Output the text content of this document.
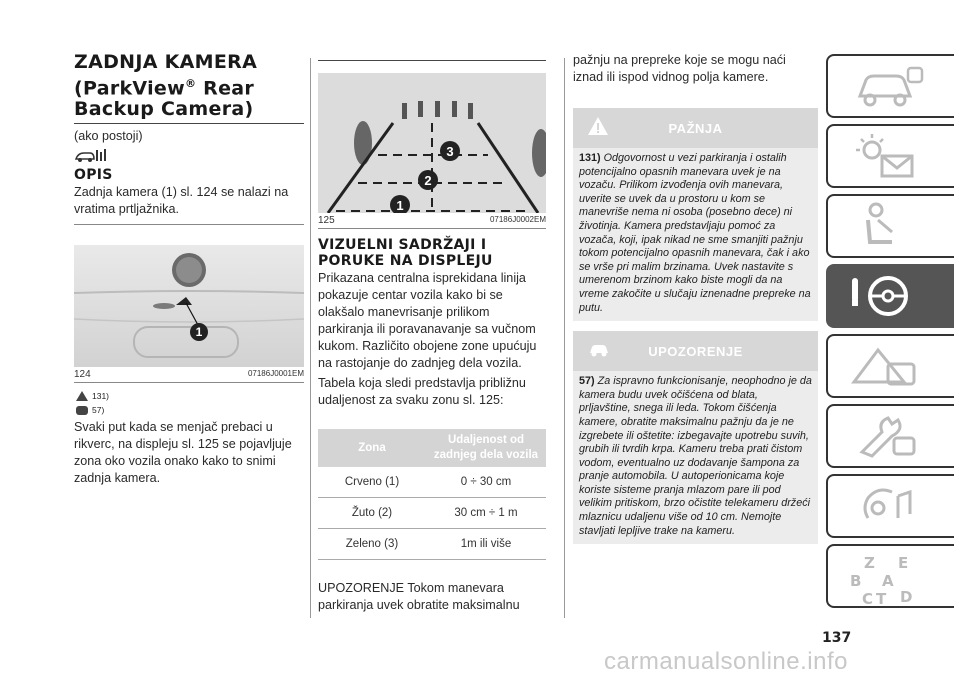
ZADNJA KAMERA
(ParkView® Rear
Backup Camera)

(ako postoji)

OPIS

Zadnja kamera (1) sl. 124 se nalazi na vratima prtljažnika.

1
124	07186J0001EM
131)
57)

Svaki put kada se menjač prebaci u rikverc, na displeju sl. 125 se pojavljuje zona oko vozila onako kako to snimi zadnja kamera.

3
2
1
125	07186J0002EM
VIZUELNI SADRŽAJI I
PORUKE NA DISPLEJU

Prikazana centralna isprekidana linija pokazuje centar vozila kako bi se olakšalo manevrisanje prilikom parkiranja ili poravanavanje sa vučnom kukom. Različito obojene zone upućuju na rastojanje do zadnjeg dela vozila.

Tabela koja sledi predstavlja približnu udaljenost za svaku zonu sl. 125:

Zona	Udaljenost od zadnjeg dela vozila
Crveno (1)	0 ÷ 30 cm
Žuto (2)	30 cm ÷ 1 m
Zeleno (3)	1m ili više

UPOZORENJE Tokom manevara parkiranja uvek obratite maksimalnu

pažnju na prepreke koje se mogu naći iznad ili ispod vidnog polja kamere.

PAŽNJA
131) Odgovornost u vezi parkiranja i ostalih potencijalno opasnih manevara uvek je na vozaču. Prilikom izvođenja ovih manevara, uverite se uvek da u prostoru u kom se manevriše nema ni osoba (posebno dece) ni životinja. Kamera predstavljaju pomoć za vozača, koji, ipak nikad ne sme smanjiti pažnju tokom potencijalno opasnih manevara, čak i ako se vrše pri malim brzinama. Uvek nastavite s umerenom brzinom kako biste mogli da na vreme zakočite u slučaju iznenadne prepreke na putu.
UPOZORENJE
57) Za ispravno funkcionisanje, neophodno je da kamera budu uvek očišćena od blata, prljavštine, snega ili leda. Tokom čišćenja kamere, obratite maksimalnu pažnju da je ne izgrebete ili oštetite: izbegavajte upotrebu suvih, grubih ili tvrdih krpa. Kameru treba prati čistom vodom, eventualno uz dodavanje šampona za pranje automobila. U autoperionicama koje koriste sisteme pranja mlazom pare ili pod velikim pritiskom, brzo očistite telekameru držeći mlaznicu udaljenu više od 10 cm. Nemojte stavljati lepljive trake na kameru.
Z E
B A
C T D
137
carmanualsonline.info
